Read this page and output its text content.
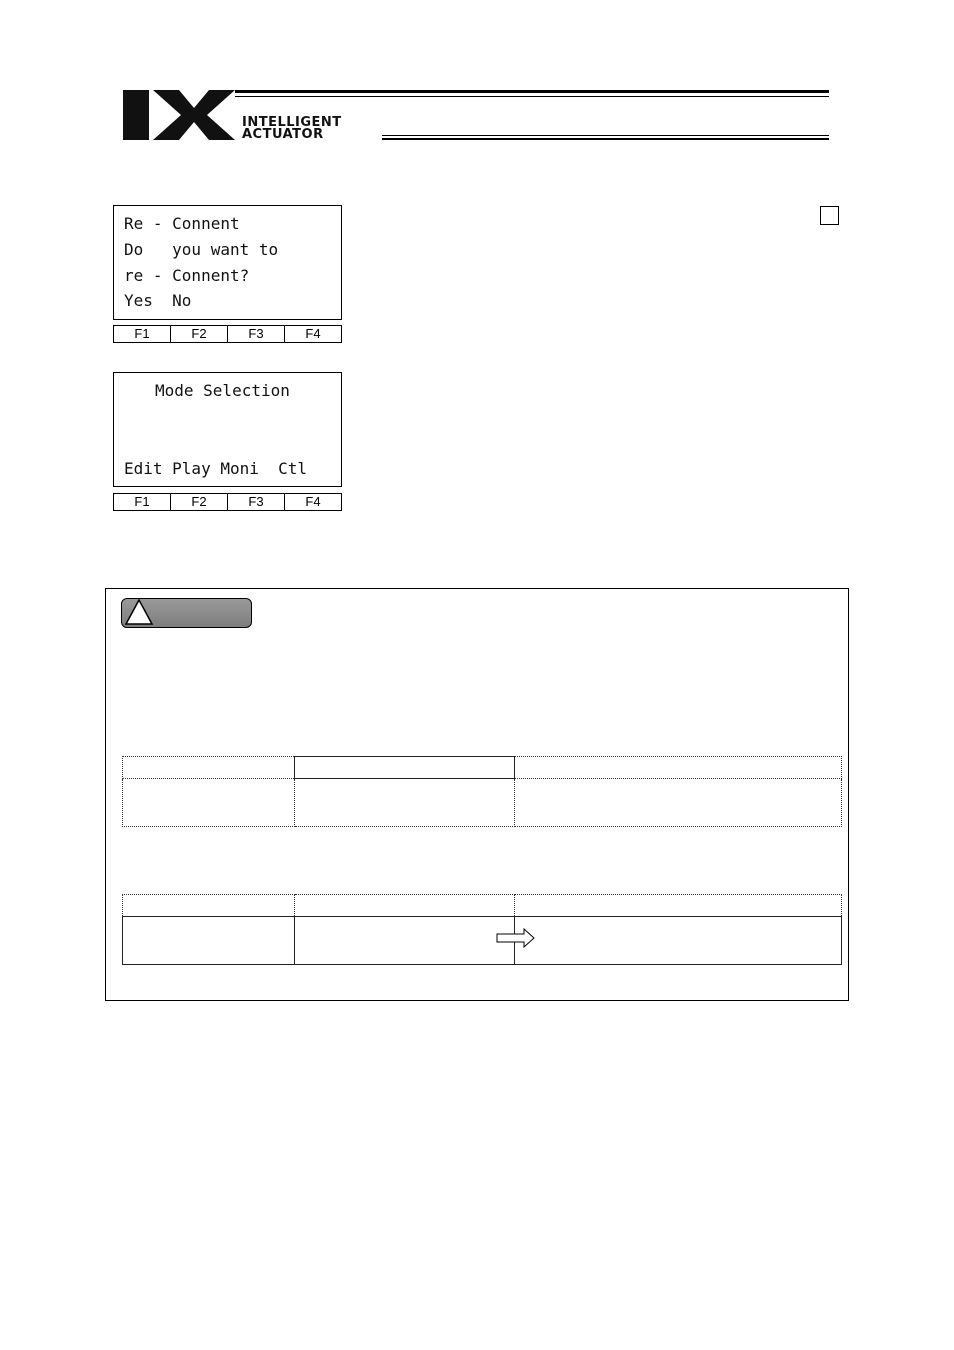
INTELLIGENT
ACTUATOR
Re - Connent
Do   you want to
re - Connent?
Yes  No
F1	F2	F3	F4
Mode Selection
Edit Play Moni  Ctl
F1	F2	F3	F4
